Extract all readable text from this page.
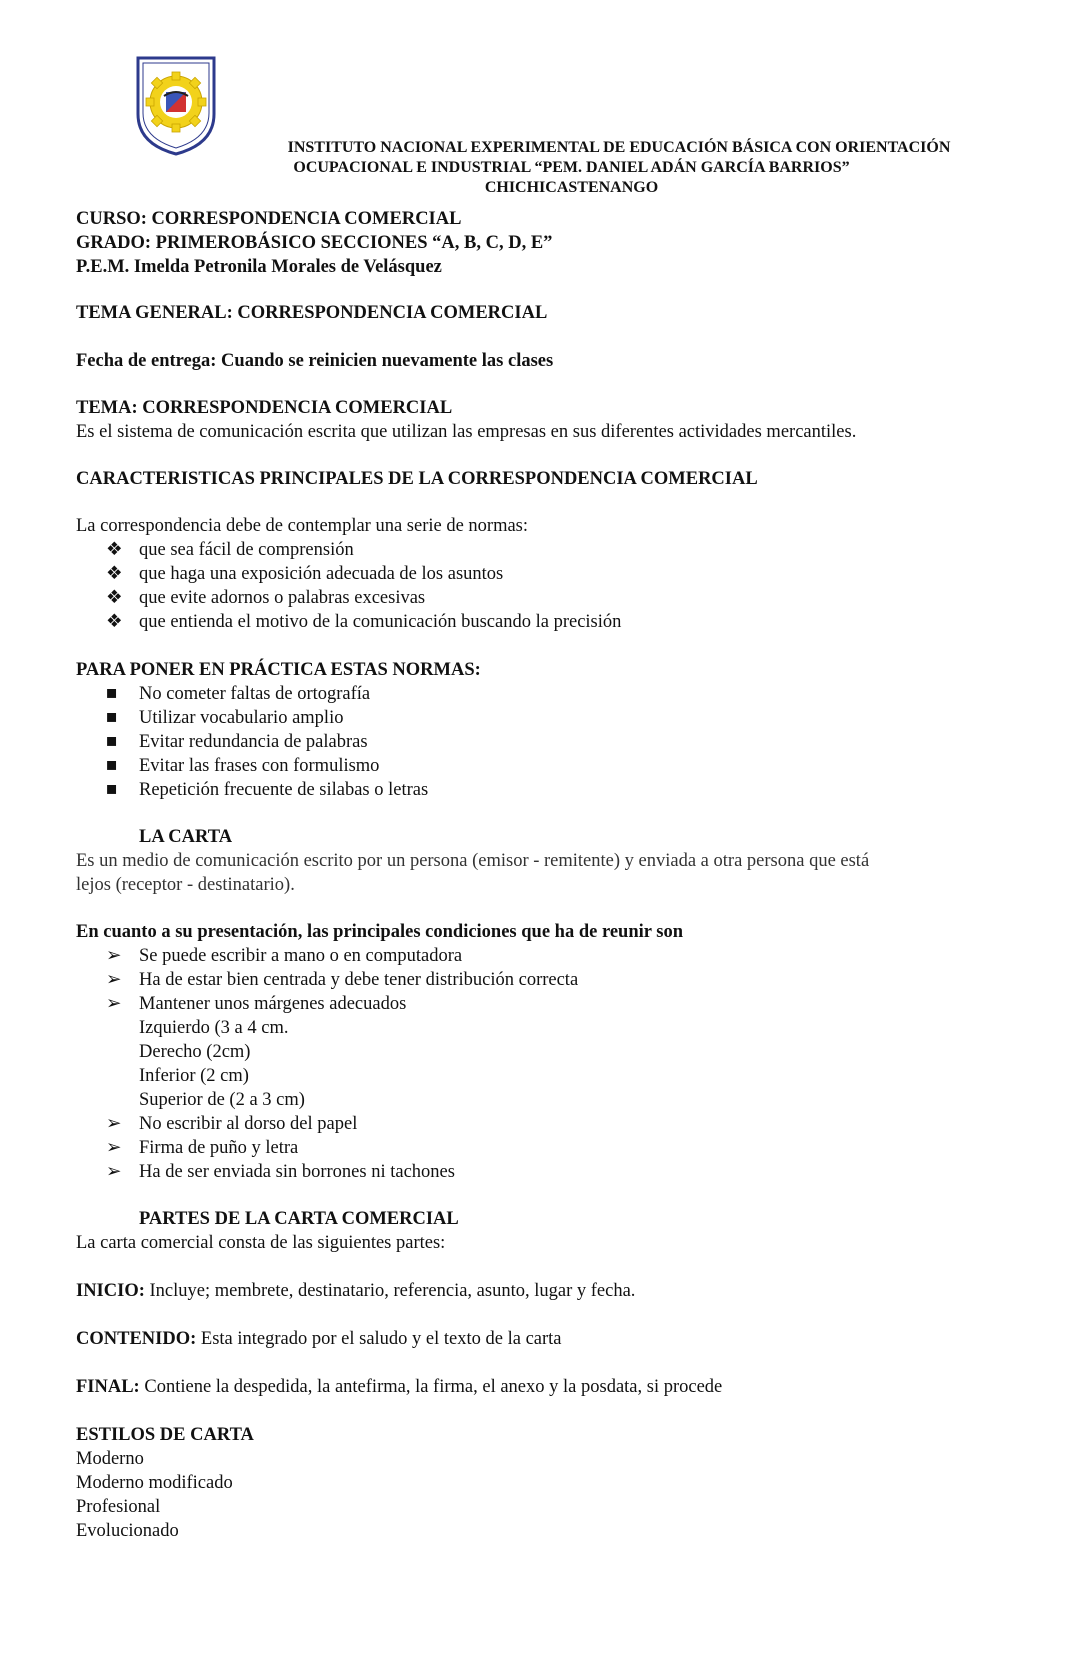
INSTITUTO NACIONAL EXPERIMENTAL DE EDUCACIÓN BÁSICA CON ORIENTACIÓN
OCUPACIONAL E INDUSTRIAL “PEM. DANIEL ADÁN GARCÍA BARRIOS”
CHICHICASTENANGO
CURSO: CORRESPONDENCIA COMERCIAL
GRADO: PRIMEROBÁSICO SECCIONES “A, B, C, D, E”
P.E.M. Imelda Petronila Morales de Velásquez
TEMA GENERAL: CORRESPONDENCIA COMERCIAL
Fecha de entrega: Cuando se reinicien nuevamente las clases
TEMA: CORRESPONDENCIA COMERCIAL
Es el sistema de comunicación escrita que utilizan las empresas en sus diferentes actividades mercantiles.
CARACTERISTICAS PRINCIPALES DE LA CORRESPONDENCIA COMERCIAL
La correspondencia debe de contemplar una serie de normas:
❖ que sea fácil de comprensión
❖ que haga una exposición adecuada de los asuntos
❖ que evite adornos o palabras excesivas
❖ que entienda el motivo de la comunicación buscando la precisión
PARA PONER EN PRÁCTICA ESTAS NORMAS:
■ No cometer faltas de ortografía
■ Utilizar vocabulario amplio
■ Evitar redundancia de palabras
■ Evitar las frases con formulismo
■ Repetición frecuente de silabas o letras
LA CARTA
Es un medio de comunicación escrito por un persona (emisor - remitente) y enviada a otra persona que está
lejos (receptor - destinatario).
En cuanto a su presentación, las principales condiciones que ha de reunir son
➢ Se puede escribir a mano o en computadora
➢ Ha de estar bien centrada y debe tener distribución correcta
➢ Mantener unos márgenes adecuados
Izquierdo (3 a 4 cm.
Derecho (2cm)
Inferior (2 cm)
Superior de (2 a 3 cm)
➢ No escribir al dorso del papel
➢ Firma de puño y letra
➢ Ha de ser enviada sin borrones ni tachones
PARTES DE LA CARTA COMERCIAL
La carta comercial consta de las siguientes partes:
INICIO: Incluye; membrete, destinatario, referencia, asunto, lugar y fecha.
CONTENIDO: Esta integrado por el saludo y el texto de la carta
FINAL: Contiene la despedida, la antefirma, la firma, el anexo y la posdata, si procede
ESTILOS DE CARTA
Moderno
Moderno modificado
Profesional
Evolucionado
